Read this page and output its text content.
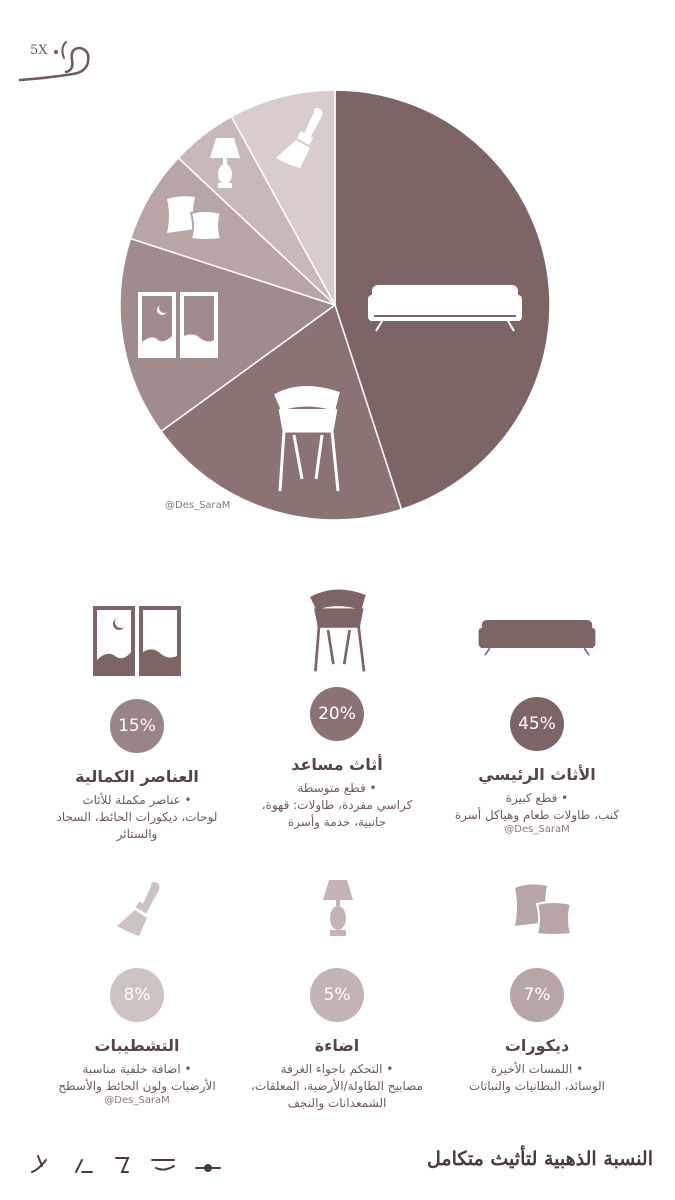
5X
@Des_SaraM
45%
الأثاث الرئيسي
• قطع كبيرة
كنب، طاولات طعام وهياكل أسرة
@Des_SaraM
20%
أثاث مساعد
• قطع متوسطة
كراسي مفردة، طاولات: قهوة،
جانبية، خدمة وأسرة
15%
العناصر الكمالية
• عناصر مكملة للأثاث
لوحات، ديكورات الحائط، السجاد
والستائر
7%
ديكورات
• اللمسات الأخيرة
الوسائد، البطانيات والنباتات
5%
اضاءة
• التحكم باجواء الغرفة
مصابيح الطاولة/الأرضية، المعلقات،
الشمعدانات والنجف
8%
التشطيبات
• اضافة خلفية مناسبة
الأرضيات ولون الحائط والأسطح
@Des_SaraM
النسبة الذهبية لتأثيث متكامل
